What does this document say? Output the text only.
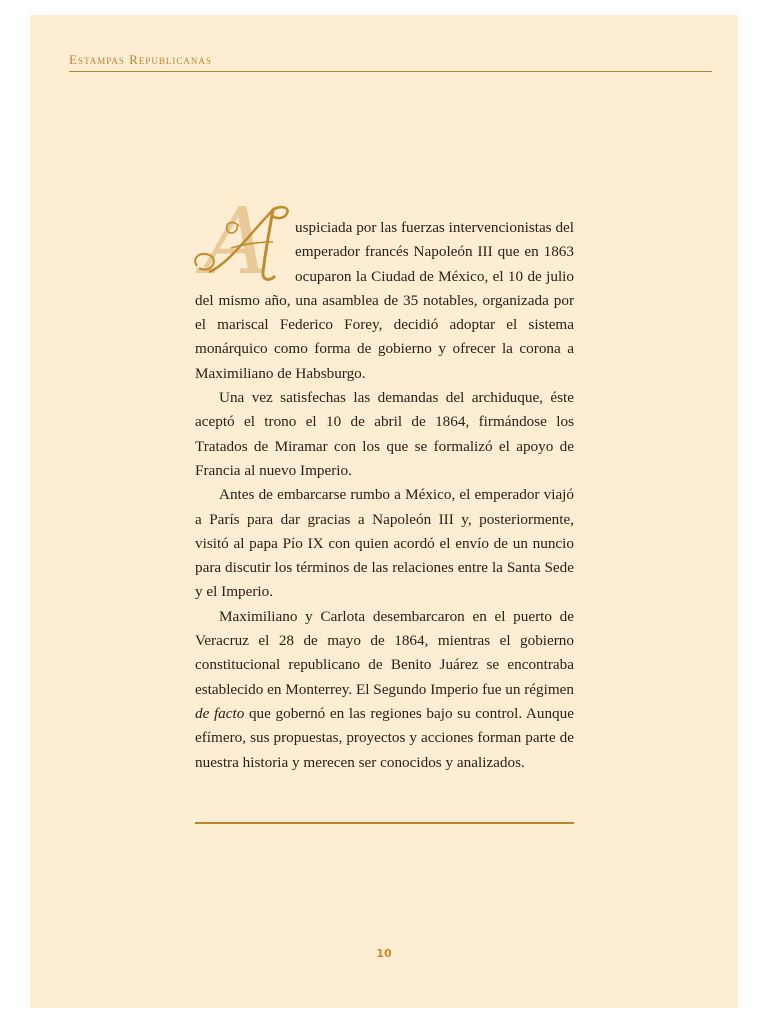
Estampas Republicanas

A uspiciada por las fuerzas intervencionistas del emperador francés Napoleón III que en 1863 ocuparon la Ciudad de México, el 10 de julio del mismo año, una asamblea de 35 notables, organizada por el mariscal Federico Forey, decidió adoptar el sistema monárquico como forma de gobierno y ofrecer la corona a Maximiliano de Habsburgo.

Una vez satisfechas las demandas del archiduque, éste aceptó el trono el 10 de abril de 1864, firmándose los Tratados de Miramar con los que se formalizó el apoyo de Francia al nuevo Imperio.

Antes de embarcarse rumbo a México, el emperador viajó a París para dar gracias a Napoleón III y, posteriormente, visitó al papa Pío IX con quien acordó el envío de un nuncio para discutir los términos de las relaciones entre la Santa Sede y el Imperio.

Maximiliano y Carlota desembarcaron en el puerto de Veracruz el 28 de mayo de 1864, mientras el gobierno constitucional republicano de Benito Juárez se encontraba establecido en Monterrey. El Segundo Imperio fue un régimen de facto que gobernó en las regiones bajo su control. Aunque efímero, sus propuestas, proyectos y acciones forman parte de nuestra historia y merecen ser conocidos y analizados.

10
